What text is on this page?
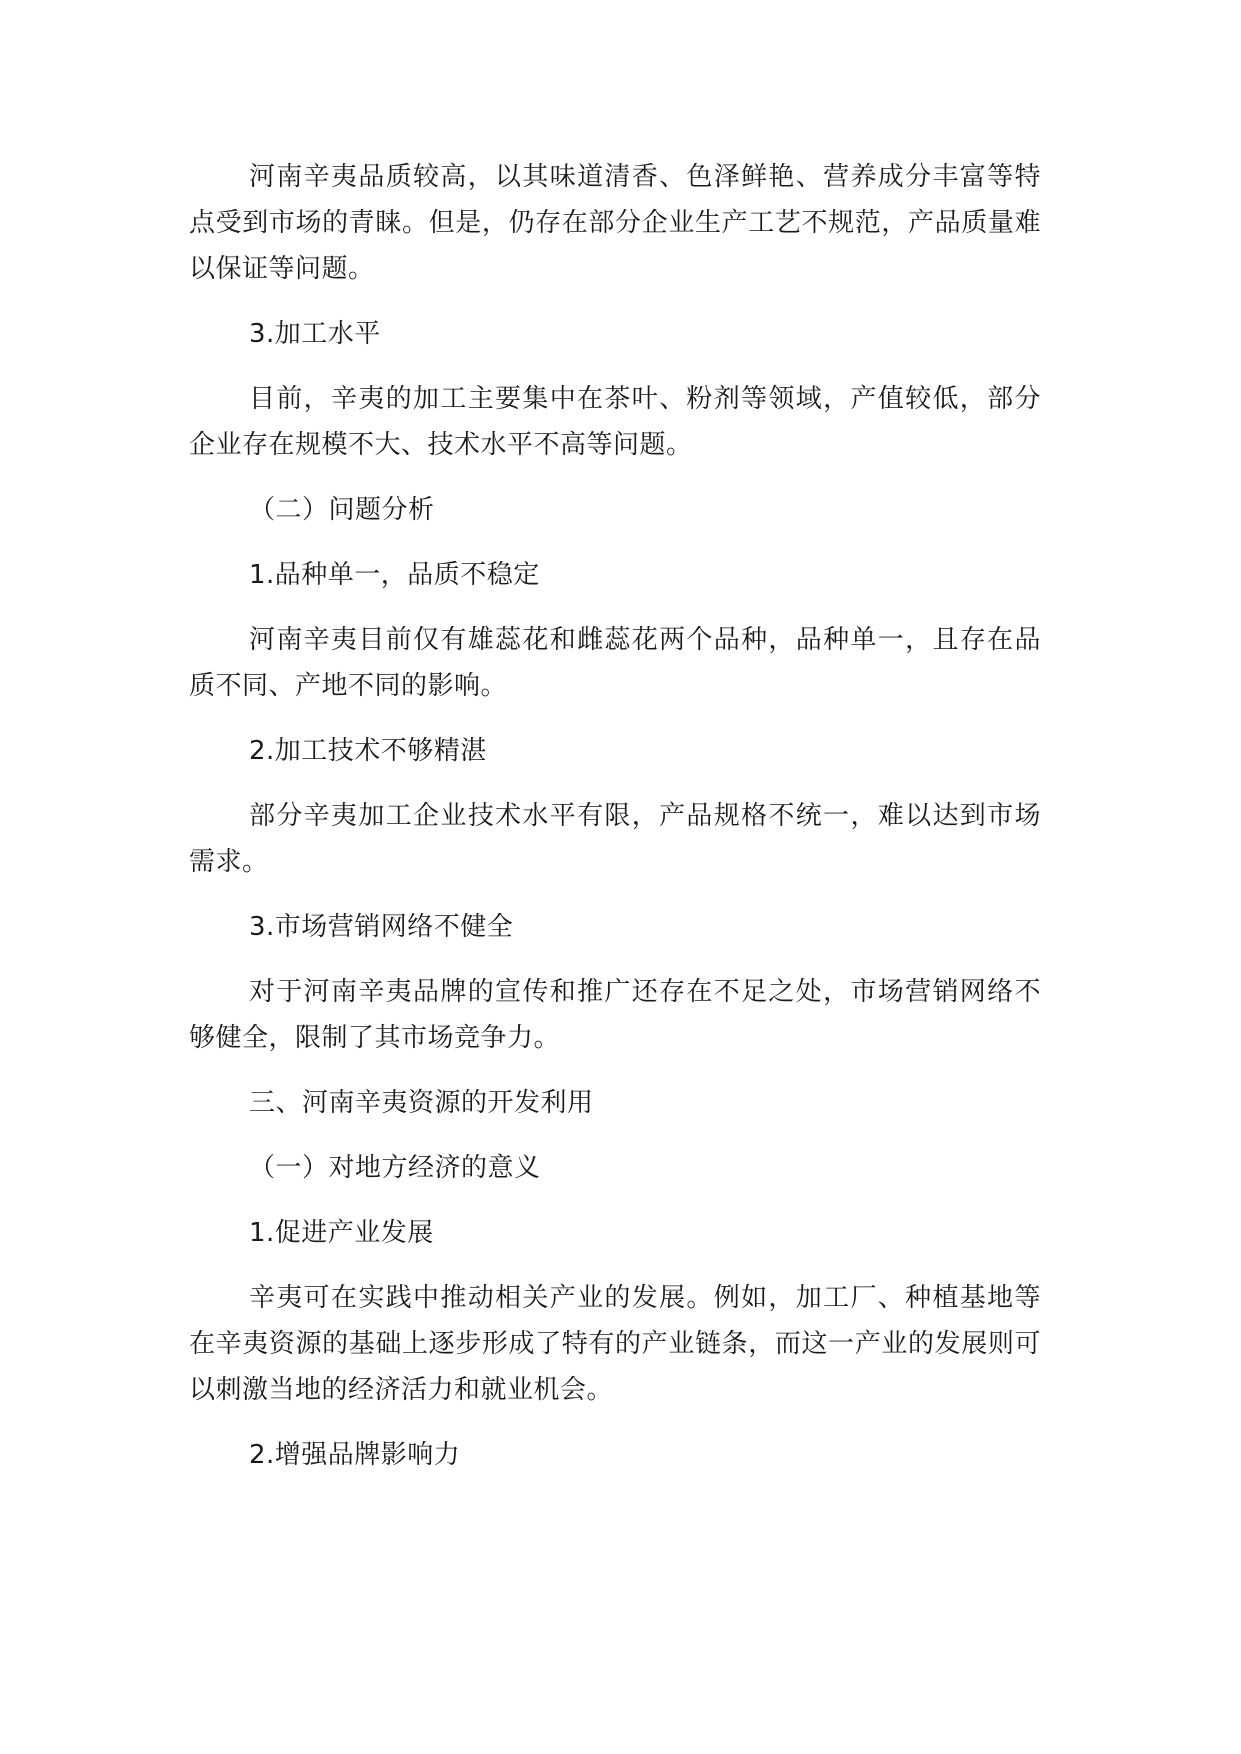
河南辛夷品质较高，以其味道清香、色泽鲜艳、营养成分丰富等特点受到市场的青睐。但是，仍存在部分企业生产工艺不规范，产品质量难以保证等问题。

3.加工水平

目前，辛夷的加工主要集中在茶叶、粉剂等领域，产值较低，部分企业存在规模不大、技术水平不高等问题。

（二）问题分析

1.品种单一，品质不稳定

河南辛夷目前仅有雄蕊花和雌蕊花两个品种，品种单一，且存在品质不同、产地不同的影响。

2.加工技术不够精湛

部分辛夷加工企业技术水平有限，产品规格不统一，难以达到市场需求。

3.市场营销网络不健全

对于河南辛夷品牌的宣传和推广还存在不足之处，市场营销网络不够健全，限制了其市场竞争力。

三、河南辛夷资源的开发利用

（一）对地方经济的意义

1.促进产业发展

辛夷可在实践中推动相关产业的发展。例如，加工厂、种植基地等在辛夷资源的基础上逐步形成了特有的产业链条，而这一产业的发展则可以刺激当地的经济活力和就业机会。

2.增强品牌影响力
